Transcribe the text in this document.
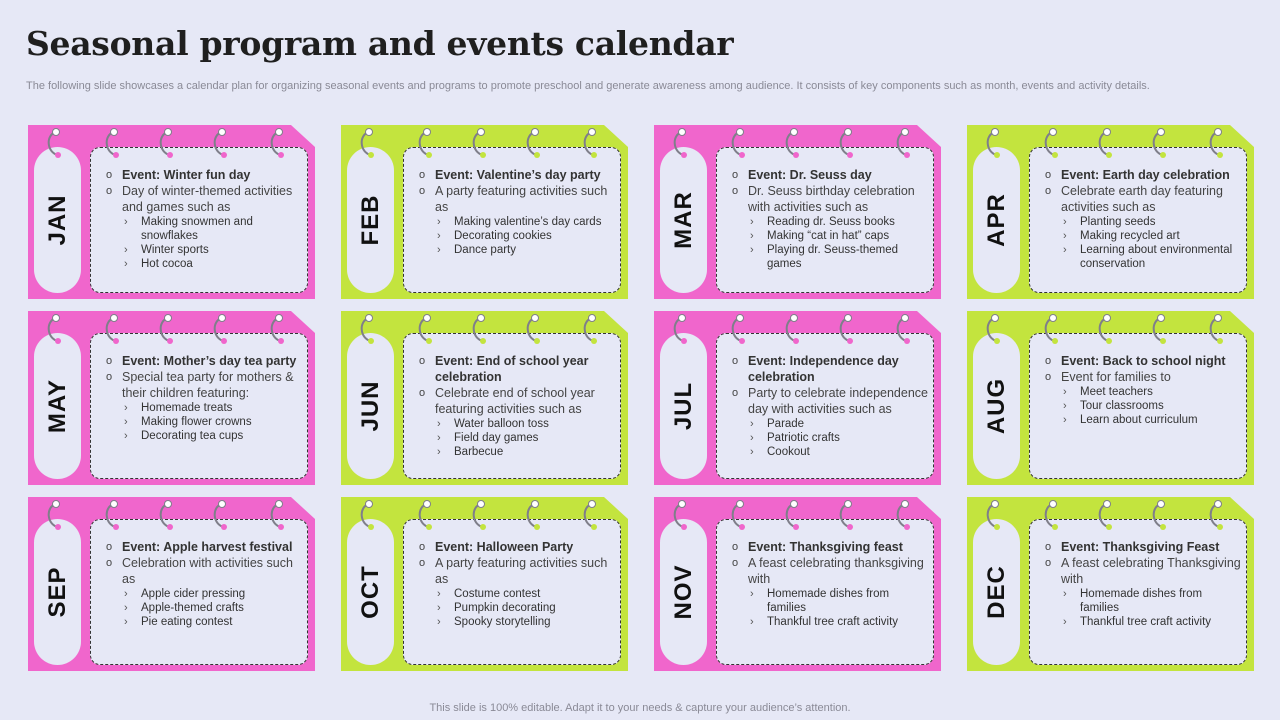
Seasonal program and events calendar
The following slide showcases a calendar plan for organizing seasonal events and programs to promote preschool and generate awareness among audience. It consists of key components such as month, events and activity details.
JAN
o Event: Winter fun day
o Day of winter-themed activities and games such as
› Making snowmen and snowflakes
› Winter sports
› Hot cocoa
FEB
o Event: Valentine’s day party
o A party featuring activities such as
› Making valentine’s day cards
› Decorating cookies
› Dance party
MAR
o Event: Dr. Seuss day
o Dr. Seuss birthday celebration with activities such as
› Reading dr. Seuss books
› Making “cat in hat” caps
› Playing dr. Seuss-themed games
APR
o Event: Earth day celebration
o Celebrate earth day featuring activities such as
› Planting seeds
› Making recycled art
› Learning about environmental conservation
MAY
o Event: Mother’s day tea party
o Special tea party for mothers & their children featuring:
› Homemade treats
› Making flower crowns
› Decorating tea cups
JUN
o Event: End of school year celebration
o Celebrate end of school year featuring activities such as
› Water balloon toss
› Field day games
› Barbecue
JUL
o Event: Independence day celebration
o Party to celebrate independence day with activities such as
› Parade
› Patriotic crafts
› Cookout
AUG
o Event: Back to school night
o Event for families to
› Meet teachers
› Tour classrooms
› Learn about curriculum
SEP
o Event: Apple harvest festival
o Celebration with activities such as
› Apple cider pressing
› Apple-themed crafts
› Pie eating contest
OCT
o Event: Halloween Party
o A party featuring activities such as
› Costume contest
› Pumpkin decorating
› Spooky storytelling
NOV
o Event: Thanksgiving feast
o A feast celebrating thanksgiving with
› Homemade dishes from families
› Thankful tree craft activity
DEC
o Event: Thanksgiving Feast
o A feast celebrating Thanksgiving with
› Homemade dishes from families
› Thankful tree craft activity
This slide is 100% editable. Adapt it to your needs & capture your audience’s attention.
